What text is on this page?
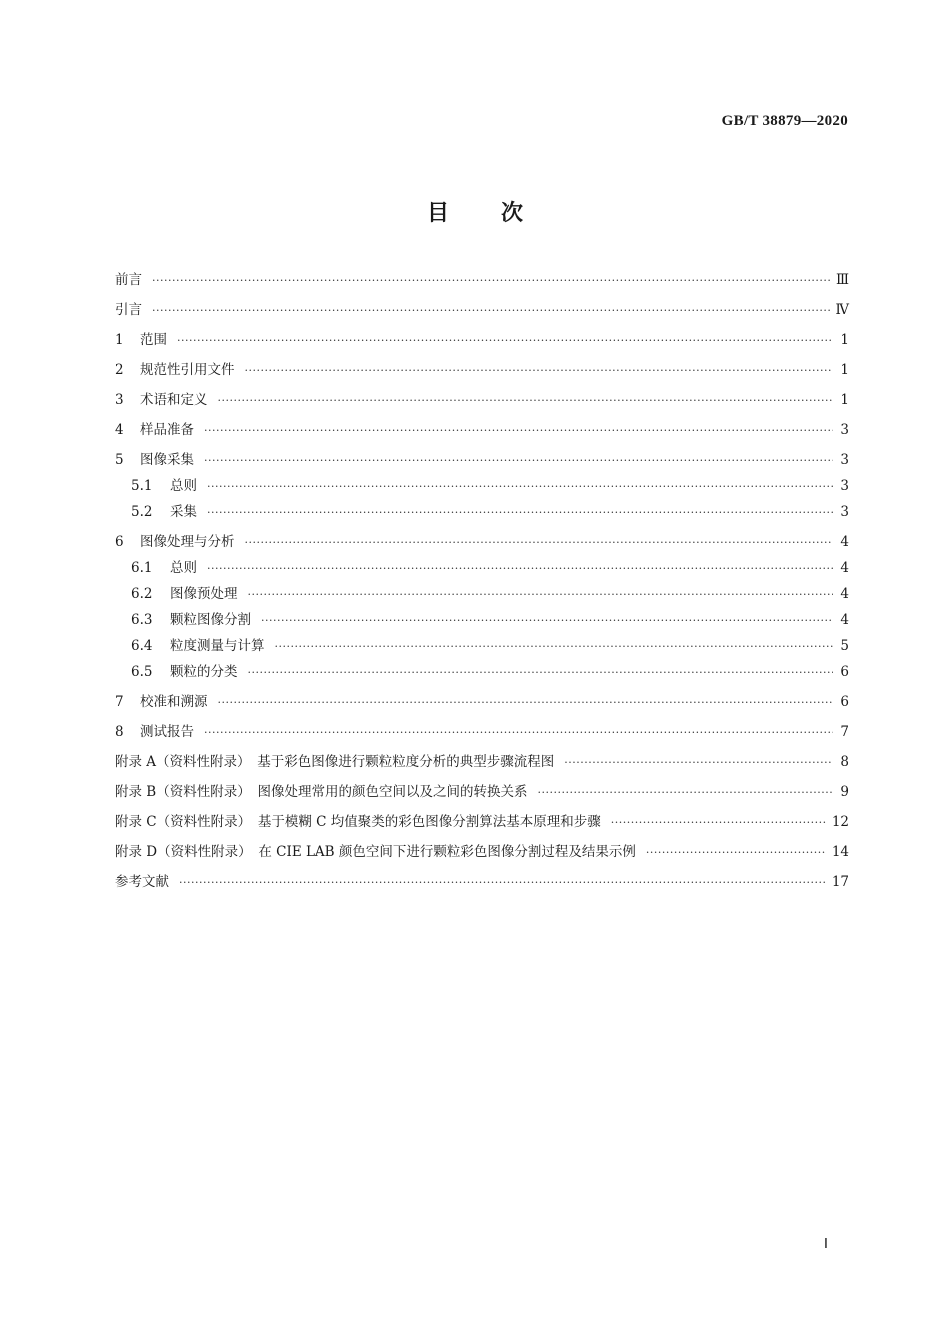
GB/T 38879—2020
目 次
前言 ·····	Ⅲ
引言 ·····	Ⅳ
1	范围 ·····	1
2	规范性引用文件 ·····	1
3	术语和定义 ·····	1
4	样品准备 ·····	3
5	图像采集 ·····	3
5.1	总则 ·····	3
5.2	采集 ·····	3
6	图像处理与分析 ·····	4
6.1	总则 ·····	4
6.2	图像预处理 ·····	4
6.3	颗粒图像分割 ·····	4
6.4	粒度测量与计算 ·····	5
6.5	颗粒的分类 ·····	6
7	校准和溯源 ·····	6
8	测试报告 ·····	7
附录 A（资料性附录）　基于彩色图像进行颗粒粒度分析的典型步骤流程图 ·····	8
附录 B（资料性附录）　图像处理常用的颜色空间以及之间的转换关系 ·····	9
附录 C（资料性附录）　基于模糊 C 均值聚类的彩色图像分割算法基本原理和步骤 ·····	12
附录 D（资料性附录）　在 CIE LAB 颜色空间下进行颗粒彩色图像分割过程及结果示例 ·····	14
参考文献 ·····	17
Ⅰ
